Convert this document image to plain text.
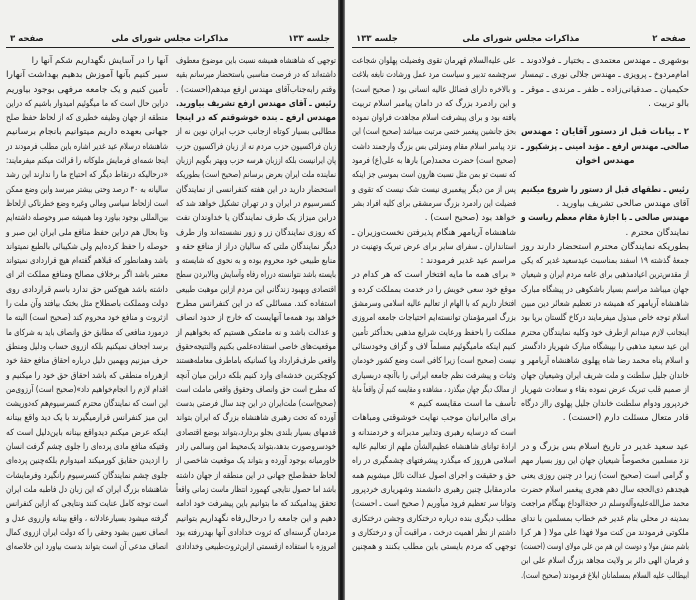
صفحه ۳	مذاکرات مجلس شورای ملی	جلسه ۱۳۳
توجهی که شاهنشاه همیشه نسبت باین موضوع معطوف
داشته‌اند که در فرصت مناسبی باستحضار میرسانم بقیه
وقتم رابه‌جناب‌آقای مهندس ارفع میدهم(احسنت) .
رئیس ـ آقای مهندس ارفع تشریف بیاورید.
مهندس ارفع ـ بنده خوشوقتم که در اینجا
مطالبی بسیار کوتاه ازجانب حزب ایران نوین نه از
زبان فراکسیون حزب مردم نه از زبان فراکسیون حزب
پان ایرانیست بلکه اززبان هرسه حزب وبهتر بگویم اززبان
نماینده ملت ایران بعرض برسانم (صحیح است) بطوریکه
استحضار دارید در این هفته کنفرانسی از نمایندگان
کنسرسیوم در ایران و در تهران تشکیل خواهد شد که
دراین میزاز یک طرف نمایندگان یا خداوندان نفت
که روزی نمایندگان زر و زور نشسته‌اند واز طرف
دیگر نمایندگان ملتی که سالیان دراز از منافع حقه و
منابع طبیعی خود محروم بوده و به نحوی که شایسته و
بایسته باشد نتوانسته درراه رفاه وآسایش وبالابردن سطح
اقتصادی وبهبود زندگانی این مردم ازاین موهبت طبیعی
استفاده کند. مسائلی که در این کنفرانس مطرح
خواهد بود همه‌ما آنهایست که خارج از حدود انصاف
و عدالت باشد و نه مامتکی هستیم که بخواهیم از
موقعیت‌های خاصی استفاده‌علمی بکنیم والنتیجه‌حقوق
واقعی طرف‌قرارداد ویا کسانیکه باماطرف معامله‌هستند
کوچکترین خدشه‌ای وارد کنیم بلکه دراین میان آنچه
که مطرح است حق وانصاف وحقوق واقعی ماملت است
(صحیح‌است) ملت‌ایران در این چند سال فرصتی بدست
آورده که تحت رهبری شاهنشاه بزرگ که ایران بتواند
قدمهای بسیار بلندی بجلو بردارد،بتواند بوضع اقتصادی
خودسروصورت بدهد،بتواند یک‌محیط امن وسالمی رادر
خاورمیانه بوجود آورده و بتواند یک موقعیت شاخصی از
لحاظ حفظ‌صلح جهانی در این منطقه از جهان داشته
باشد اما حصول نتایجی کهمورد انتظار ماست زمانی واقعاً
تحقق پیدامیکند که ما بتوانیم باین پیشرفت خود ادامه
دهیم و این جامعه را درحال‌رفاه نگهداریم بتوانیم
مردمان گرسنه‌ای که ثروت خدادادی آنها بهدررفته بود
امروزه با استفاده ازقسمتی ازاین‌ثروت‌طبیعی وخدادادی
آنها را در آسایش نگهداریم شکم آنها را
سیر کنیم بآنها آموزش بدهیم بهداشت آنهارا
تأمین کنیم و یک جامعه مرفهی بوجود بیاوریم
دراین حال است که ما میگوئیم امیدوار باشیم که دراین
منطقه از جهان وظیفه خطیری که از لحاظ حفظ صلح
جهانی بعهده داریم میتوانیم بانجام برسانیم
شاهنشاه درسلام عید غدیر اشاره باین مطلب فرمودند در
اینجا شمه‌ای فرمایش ملوکانه را قرائت میکنم میفرمایند:
«درحالیکه درنقاط دیگر که احتیاج ما را ندارند این رشد
سالیانه به ۳۰ درصد وحتی بیشتر میرسد واین وضع ممکن
است ازلحاظ سیاسی ومالی وغیره وضع خطرناکی ازلحاظ
بین‌المللی بوجود بیاورد وما همیشه صبر وحوصله داشته‌ایم
وتا بحال هم دراین حفظ منافع ملی ایران این صبر و
حوصله را حفظ کرده‌ایم ولی شکیبائی بالطبع نمیتواند
باشد وهمانطور که قبلاهم گفته‌ام هیچ قراردادی نمیتواند
معتبر باشد اگر برخلاف مصالح ومنافع مملکت اثر ای
داشته باشد هیچ‌کس حق ندارد باسم قراردادی روی
دولت ومملکت باصطلاح مثل بختک بیافتد وآن ملت را
ازثروت و منافع خود محروم کند (صحیح است) البته ما
درمورد منافعی که مطابق حق وانصاف باید به شرکای ما
برسد اجحاف نمیکنیم بلکه ازروی حساب ودلیل ومنطق
حرف میزنیم وبهمین دلیل درباره احقاق منافع حقهٔ خود
ازهرراه منطقی که باشد احقاق حق خود را میکنیم و
اقدام لازم را انجام‌خواهیم داد»(صحیح است) آرزوی‌من
این است که نمایندگان محترم کنسرسیوم‌هم که‌دورپشت
این میز کنفرانس قرارمیگیرند با یک دید واقع بینانه
اینکه عرض میکنم دیدواقع بینانه باین‌دلیل است که
وقتیکه منافع مادی پرده‌ای را جلوی چشم گرفت انسان
را ازدیدن حقایق کورمیکند امیدوارم بلکه‌چنین پرده‌ای
جلوی چشم نمایندگان کنسرسیوم رانگیرد وفرمایشات
شاهنشاه بزرگ ایران که این زبان دل فاطبه ملت ایران
است توجه کامل عنایت کنند ونتایجی که ازاین کنفرانس
گرفته میشود بسیارعادلانه ، واقع بینانه وازروی عدل و
انصاف تعیین بشود وحقی را که دولت ایران ازروی کمال
انصاف مدعی آن است بتواند بدست بیاورد این خلاصه‌ای
صفحه ۲
مذاکرات مجلس شورای ملی
جلسه ۱۳۳
بوشهری ـ مهندس معتمدی ـ بختیار ـ فولادوند ـ
امام‌مردوخ ـ پرویزی ـ مهندس جلالی نوری ـ تیمسار
حکیمیان ـ صدقیانی‌زاده ـ ظفر ـ مرندی ـ موقر ـ
بالو تربیت .
۲ ـ بیانات قبل از دستور آقایان : مهندس
صالحی‌ـ مهندس ارفع ـ مؤید امینی ـ پزشکپور ـ
مهندس اخوان
رئیس ـ نطقهای قبل از دستور را شروع میکنیم
آقای مهندس صالحی تشریف بیاورید .
مهندس صالحی ـ با اجازهٔ مقام معظم ریاست و
نمایندگان محترم .
بطوریکه نمایندگان محترم استحضار دارند روز
جمعهٔ گذشته ۱۹ اسفند بمناسبت عیدسعید غدیر که یکی
از مقدس‌ترین اعیادمذهبی برای عامه مردم ایران و شیعیان
جهان میباشد مراسم بسیار باشکوهی در پیشگاه مبارک
شاهنشاه آریامهر که همیشه در تعظیم شعائر دین مبین
اسلام توجه خاص مبذول میفرمایند درکاخ گلستان برپا بود
اینجانب لازم میدانم ازطرف خود وکلیه نمایندگان محترم
این عید سعید مذهبی را بپیشگاه مبارک شهریار دادگستر
و اسلام پناه محمد رضا شاه پهلوی شاهنشاه آریامهر و
خاندان جلیل سلطنت و ملت شریف ایران وشیعیان جهان
از صمیم قلب تبریک عرض نموده بقاء و سعادت شهریار
خردپرور ودوام سلطنت خاندان جلیل پهلوی رااز درگاه
قادر متعال مسئلت دارم (احسنت) .
عید سعید غدیر در تاریخ اسلام بس بزرگ و در
نزد مسلمین مخصوصاً شیعیان جهان این روز بسیار مهم
و گرامی است (صحیح است) زیرا در چنین روزی یعنی
هیجدهم ذی‌الحجه سال دهم هجری پیغمبر اسلام حضرت
محمد صل‌الله‌علیه‌وآله‌وسلم در حجة‌الوداع بهنگام مراجعت
بمدینه در محلی بنام غدیر خم خطاب بمسلمین با ندای
ملکوتی فرمودند من کنت مولا فهذا علی مولا ( هر کرا
باشم منش مولا و دوست این هم من علی مولای اوست (احسنت)
و فرمان الهی دائر بر ولایت مجاهد بزرگ اسلام علی ابن
ابیطالب علیه السلام بمسلمانان ابلاغ فرمودند (صحیح است).
علی علیه‌السلام قهرمان تقوی وفضیلت پهلوان شجاعت
سرچشمه تدبیر و سیاست مرد عمل ورشادت نابغه بلاغت
و بالاخره دارای فضائل عالیه انسانی بود ( صحیح است)
و این رادمرد بزرگ که در دامان پیامبر اسلام تربیت
یافته بود و برای پیشرفت اسلام مجاهدت فراوان نموده
بحق جانشین پیغمبر ختمی مرتبت میباشد (صحیح است) این
نزد پیامبر اسلام مقام ومنزلتی بس بزرگ وارجمند داشت
(صحیح است) حضرت محمد(ص) بارها به علی(ع) فرمود
که نسبت تو بمن مثل نسبت هارون است بموسی جز اینکه
پس از من دیگر پیغمبری نیست شک نیست که تقوی و
فضیلت این رادمرد بزرگ سرمشقی برای کلیه افراد بشر
خواهد بود (صحیح است) .
شاهنشاه آریامهر هنگام پذیرفتن نخست‌وزیران ـ
استانداران ـ سفرای سایر برای عرض تبریک وتهنیت در
مراسم عید غدیر فرمودند :
« برای همه ما مایه افتخار است که هر کدام در
موقع خود سعی خویش را در خدمت بمملکت کرده و
افتخار داریم که با الهام از تعالیم عالیه اسلامی وسرمشق
بزرگ امیرمؤمنان توانسته‌ایم احتیاجات جامعه امروزی
مملکت را باحفظ ورعایت شرایع مذهبی بحدأکثر تأمین
کنیم اینکه مامیگوئیم مسلماً لاف و گزاف وخودستائی
نیست (صحیح است) زیرا کافی است وضع کشور خودمان
وثبات و پیشرفت نظم جامعه ایرانی را باآنچه دربسیاری
از ممالک دیگر جهان میگذرد ، مشاهده و مقایسه کنیم آن واقعاً مایهٔ
تأسف ما است مقایسه کنیم »
برای ماایرانیان موجب نهایت خوشوقتی ومباهات
است که درسایه رهبری وتدابیر مدبرانه و خردمندانه و
ارادهٔ توانای شاهنشاه عظیم‌الشأن ملهم از تعالیم عالیه
اسلامی هرروز که میگذرد پیشرفتهای چشمگیری در راه
حق و حقیقت و اجرای اصول عدالت نائل میشویم همه
مادرمقابل چنین رهبری دانشمند وشهریاری خردپرور
وتوانا سر تعظیم فرود میآوریم ( صحیح است ـ احسنت)
مطلب دیگری بنده درباره درختکاری وجشن درختکاری
داشتم از نظر اهمیت درخت ، مراقبت آن و درختکاری و
توجهی که مردم بایستی باین مطلب بکنند و همچنین
